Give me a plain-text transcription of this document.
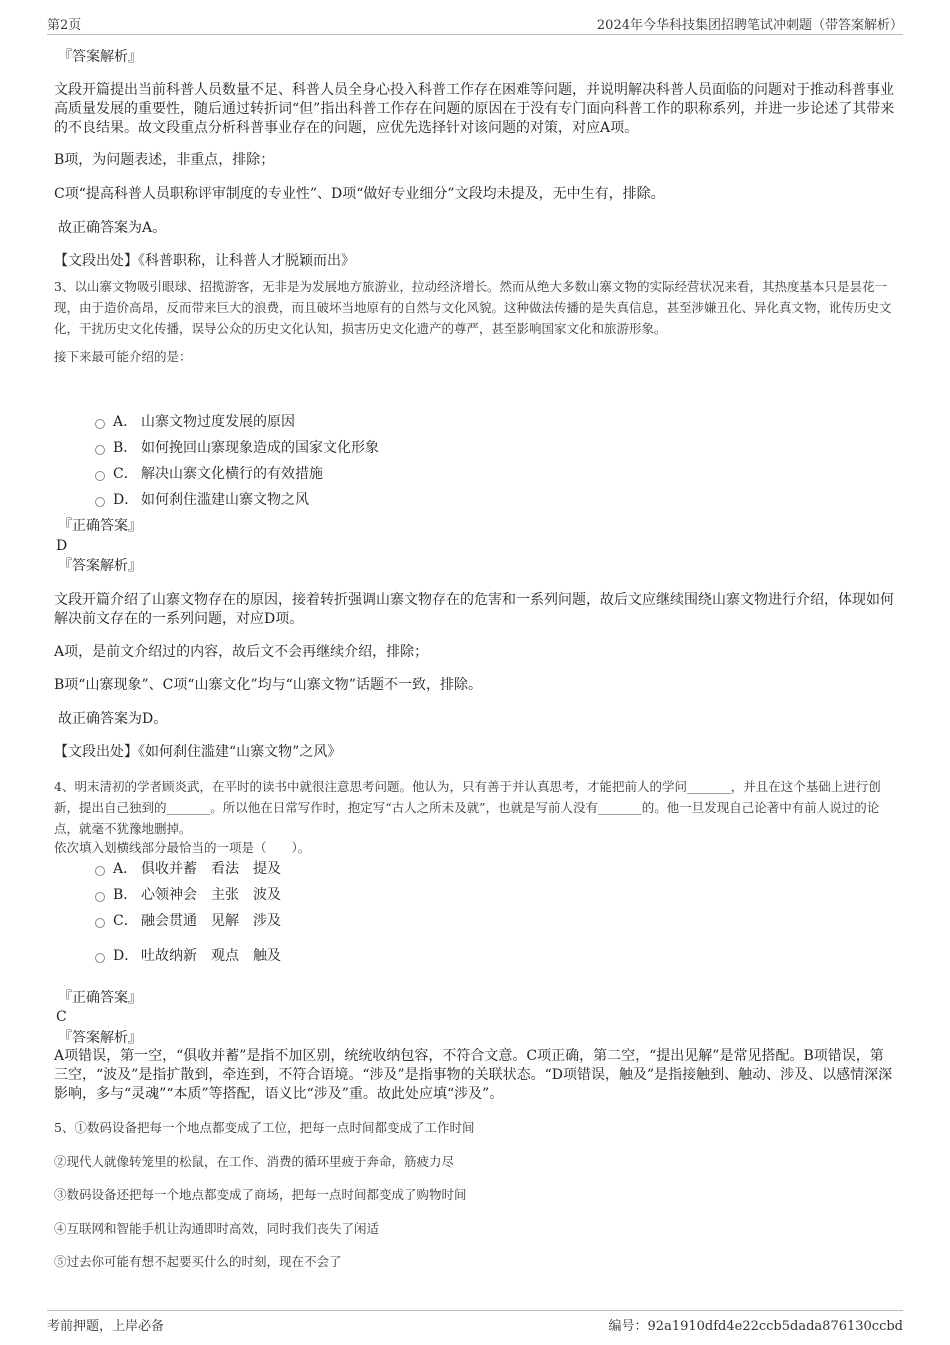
第2页	2024年今华科技集团招聘笔试冲刺题（带答案解析）
『答案解析』
文段开篇提出当前科普人员数量不足、科普人员全身心投入科普工作存在困难等问题，并说明解决科普人员面临的问题对于推动科普事业高质量发展的重要性，随后通过转折词“但”指出科普工作存在问题的原因在于没有专门面向科普工作的职称系列，并进一步论述了其带来的不良结果。故文段重点分析科普事业存在的问题，应优先选择针对该问题的对策，对应A项。
B项，为问题表述，非重点，排除；
C项“提高科普人员职称评审制度的专业性”、D项“做好专业细分”文段均未提及，无中生有，排除。
故正确答案为A。
【文段出处】《科普职称，让科普人才脱颖而出》
3、以山寨文物吸引眼球、招揽游客，无非是为发展地方旅游业，拉动经济增长。然而从绝大多数山寨文物的实际经营状况来看，其热度基本只是昙花一现，由于造价高昂，反而带来巨大的浪费，而且破坏当地原有的自然与文化风貌。这种做法传播的是失真信息，甚至涉嫌丑化、异化真文物，讹传历史文化，干扰历史文化传播，误导公众的历史文化认知，损害历史文化遗产的尊严，甚至影响国家文化和旅游形象。
接下来最可能介绍的是：
A． 山寨文物过度发展的原因
B． 如何挽回山寨现象造成的国家文化形象
C． 解决山寨文化横行的有效措施
D． 如何刹住滥建山寨文物之风
『正确答案』
D
『答案解析』
文段开篇介绍了山寨文物存在的原因，接着转折强调山寨文物存在的危害和一系列问题，故后文应继续围绕山寨文物进行介绍，体现如何解决前文存在的一系列问题，对应D项。
A项，是前文介绍过的内容，故后文不会再继续介绍，排除；
B项“山寨现象”、C项“山寨文化”均与“山寨文物”话题不一致，排除。
故正确答案为D。
【文段出处】《如何刹住滥建“山寨文物”之风》
4、明末清初的学者顾炎武，在平时的读书中就很注意思考问题。他认为，只有善于并认真思考，才能把前人的学问_______，并且在这个基础上进行创新，提出自己独到的_______。所以他在日常写作时，抱定写“古人之所未及就”，也就是写前人没有_______的。他一旦发现自己论著中有前人说过的论点，就毫不犹豫地删掉。
依次填入划横线部分最恰当的一项是（　　）。
A． 俱收并蓄　看法　提及
B． 心领神会　主张　波及
C． 融会贯通　见解　涉及
D． 吐故纳新　观点　触及
『正确答案』
C
『答案解析』
A项错误，第一空，“俱收并蓄”是指不加区别，统统收纳包容，不符合文意。C项正确，第二空，“提出见解”是常见搭配。B项错误，第三空，“波及”是指扩散到，牵连到，不符合语境。“涉及”是指事物的关联状态。“D项错误，触及”是指接触到、触动、涉及、以感情深深影响，多与“灵魂”“本质”等搭配，语义比“涉及”重。故此处应填“涉及”。
5、①数码设备把每一个地点都变成了工位，把每一点时间都变成了工作时间
②现代人就像转笼里的松鼠，在工作、消费的循环里疲于奔命，筋疲力尽
③数码设备还把每一个地点都变成了商场，把每一点时间都变成了购物时间
④互联网和智能手机让沟通即时高效，同时我们丧失了闲适
⑤过去你可能有想不起要买什么的时刻，现在不会了
考前押题，上岸必备	编号：92a1910dfd4e22ccb5dada876130ccbd
